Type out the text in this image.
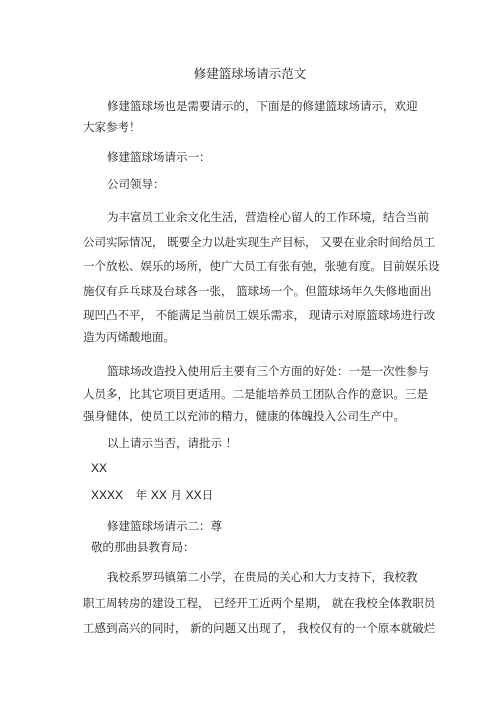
修建篮球场请示范文
修建篮球场也是需要请示的，下面是的修建篮球场请示，欢迎
大家参考！
修建篮球场请示一：
公司领导：
为丰富员工业余文化生活，营造栓心留人的工作环境，结合当前
公司实际情况， 既要全力以赴实现生产目标， 又要在业余时间给员工
一个放松、娱乐的场所，使广大员工有张有弛，张驰有度。目前娱乐设
施仅有乒乓球及台球各一张， 篮球场一个。但篮球场年久失修地面出
现凹凸不平， 不能满足当前员工娱乐需求， 现请示对原篮球场进行改
造为丙烯酸地面。
篮球场改造投入使用后主要有三个方面的好处：一是一次性参与
人员多，比其它项目更适用。二是能培养员工团队合作的意识。三是
强身健体，使员工以充沛的精力，健康的体魄投入公司生产中。
以上请示当否，请批示 ！
XX
XXXX 年 XX 月 XX日
修建篮球场请示二：尊
敬的那曲县教育局：
我校系罗玛镇第二小学，在贵局的关心和大力支持下，我校教
职工周转房的建设工程， 已经开工近两个星期， 就在我校全体教职员
工感到高兴的同时， 新的问题又出现了， 我校仅有的一个原本就破烂
